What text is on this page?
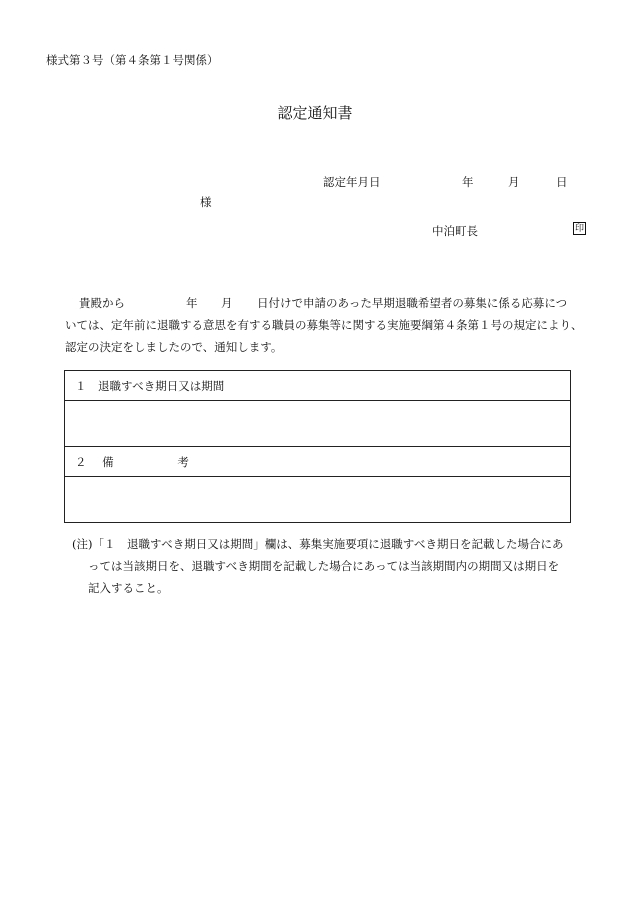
様式第３号（第４条第１号関係）
認定通知書
認定年月日	年	月	日
様
中泊町長	印
貴殿から	年 月 日付けで申請のあった早期退職希望者の募集に係る応募につ
いては、定年前に退職する意思を有する職員の募集等に関する実施要綱第４条第１号の規定により、
認定の決定をしましたので、通知します。
１　退職すべき期日又は期間

２ 備	考

(注)「１　退職すべき期日又は期間」欄は、募集実施要項に退職すべき期日を記載した場合にあ
っては当該期日を、退職すべき期間を記載した場合にあっては当該期間内の期間又は期日を
記入すること。
